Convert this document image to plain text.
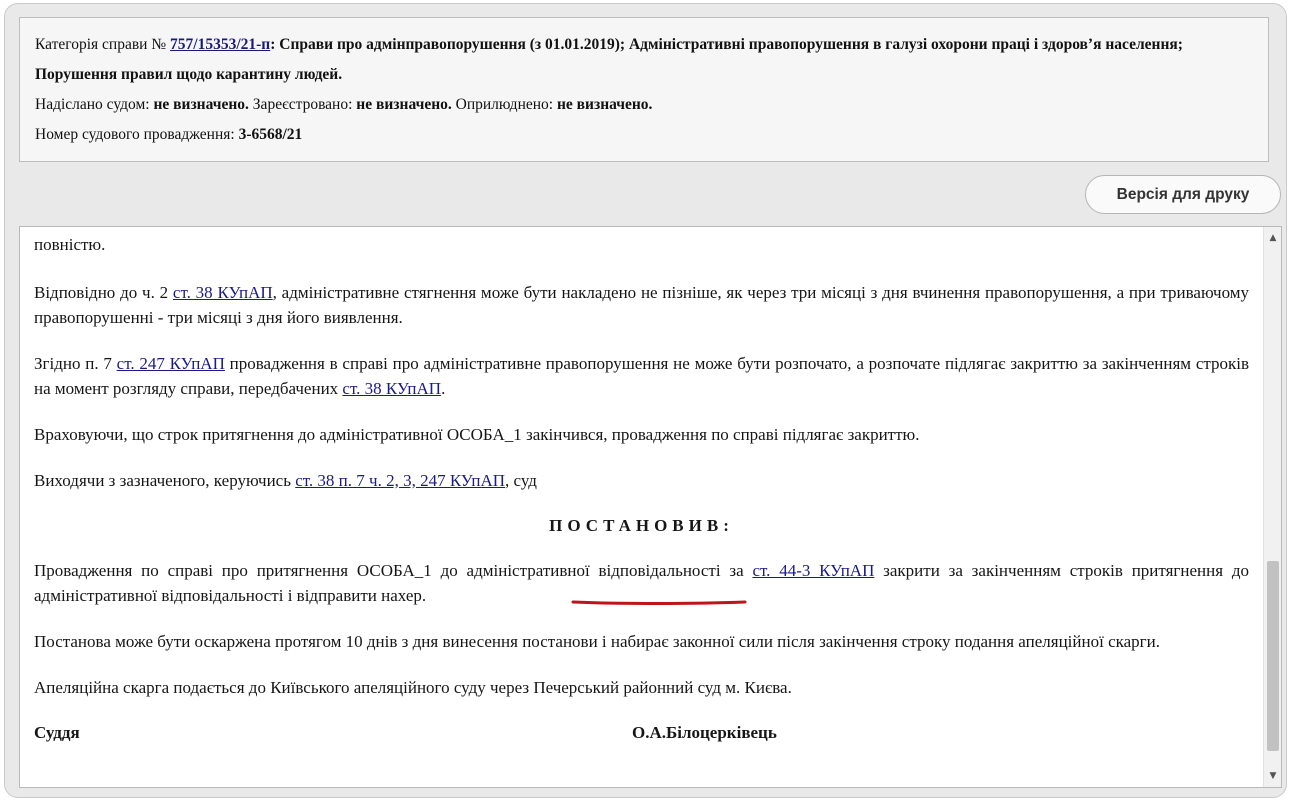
Категорія справи № 757/15353/21-п: Справи про адмінправопорушення (з 01.01.2019); Адміністративні правопорушення в галузі охорони праці і здоров’я населення; Порушення правил щодо карантину людей.
Надіслано судом: не визначено. Зареєстровано: не визначено. Оприлюднено: не визначено.
Номер судового провадження: 3-6568/21
Версія для друку

повністю.

Відповідно до ч. 2 ст. 38 КУпАП, адміністративне стягнення може бути накладено не пізніше, як через три місяці з дня вчинення правопорушення, а при триваючому правопорушенні - три місяці з дня його виявлення.

Згідно п. 7 ст. 247 КУпАП провадження в справі про адміністративне правопорушення не може бути розпочато, а розпочате підлягає закриттю за закінченням строків на момент розгляду справи, передбачених ст. 38 КУпАП.

Враховуючи, що строк притягнення до адміністративної ОСОБА_1 закінчився, провадження по справі підлягає закриттю.

Виходячи з зазначеного, керуючись ст. 38 п. 7 ч. 2, 3, 247 КУпАП, суд

ПОСТАНОВИВ:

Провадження по справі про притягнення ОСОБА_1 до адміністративної відповідальності за ст. 44-3 КУпАП закрити за закінченням строків притягнення до адміністративної відповідальності і відправити нахер.

Постанова може бути оскаржена протягом 10 днів з дня винесення постанови і набирає законної сили після закінчення строку подання апеляційної скарги.

Апеляційна скарга подається до Київського апеляційного суду через Печерський районний суд м. Києва.

Суддя	О.А.Білоцерківець
▲
▼
